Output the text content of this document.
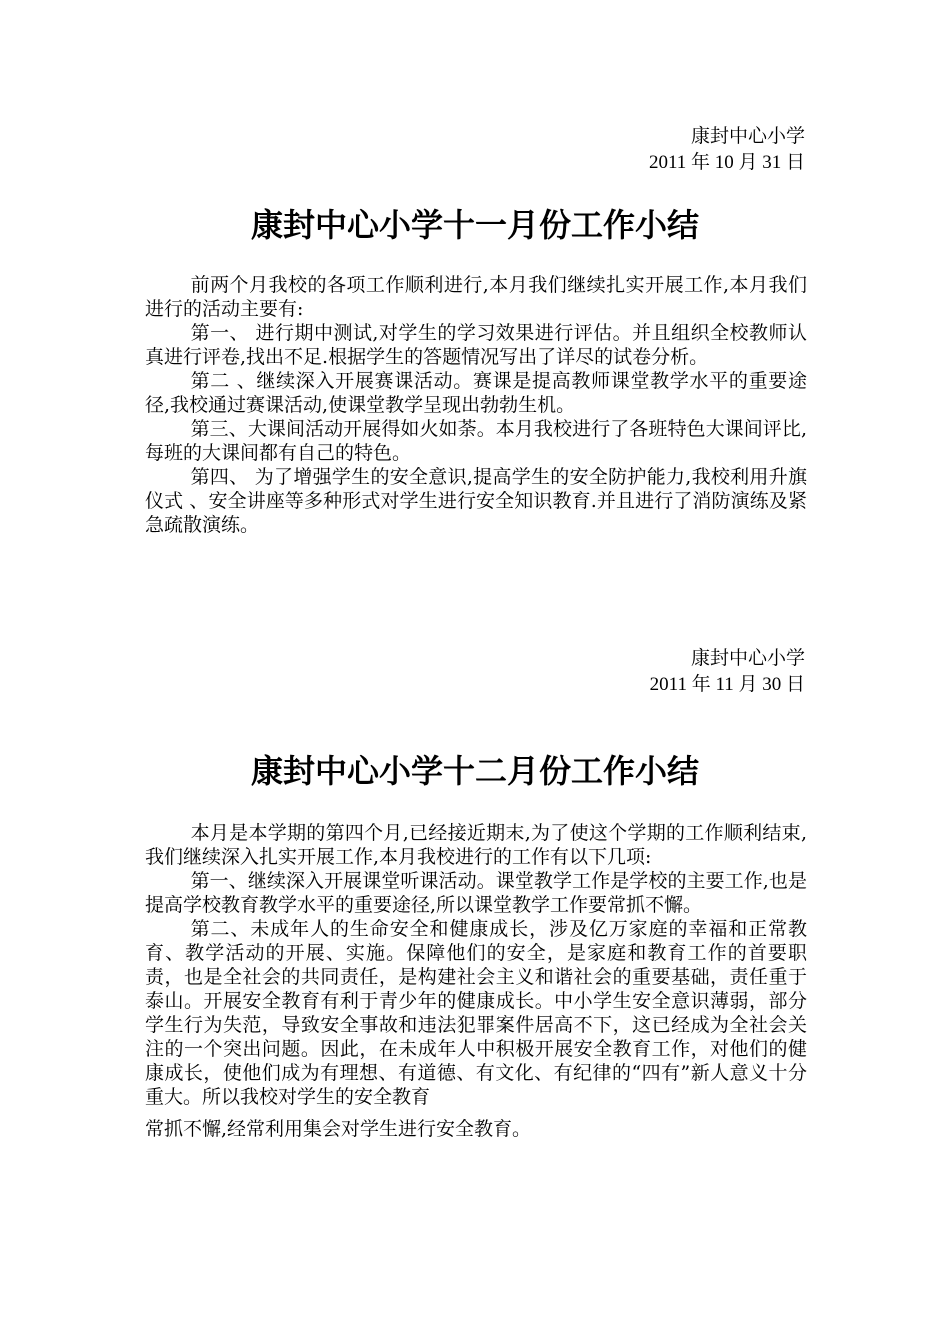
康封中心小学
2011 年 10 月 31 日
康封中心小学十一月份工作小结

前两个月我校的各项工作顺利进行,本月我们继续扎实开展工作,本月我们进行的活动主要有:

第一、 进行期中测试,对学生的学习效果进行评估。并且组织全校教师认真进行评卷,找出不足.根据学生的答题情况写出了详尽的试卷分析。

第二 、继续深入开展赛课活动。赛课是提高教师课堂教学水平的重要途径,我校通过赛课活动,使课堂教学呈现出勃勃生机。

第三、大课间活动开展得如火如荼。本月我校进行了各班特色大课间评比,每班的大课间都有自己的特色。

第四、 为了增强学生的安全意识,提高学生的安全防护能力,我校利用升旗仪式 、安全讲座等多种形式对学生进行安全知识教育.并且进行了消防演练及紧急疏散演练。

康封中心小学
2011 年 11 月 30 日
康封中心小学十二月份工作小结

本月是本学期的第四个月,已经接近期末,为了使这个学期的工作顺利结束,我们继续深入扎实开展工作,本月我校进行的工作有以下几项:

第一、继续深入开展课堂听课活动。课堂教学工作是学校的主要工作,也是提高学校教育教学水平的重要途径,所以课堂教学工作要常抓不懈。

第二、未成年人的生命安全和健康成长，涉及亿万家庭的幸福和正常教育、教学活动的开展、实施。保障他们的安全，是家庭和教育工作的首要职责，也是全社会的共同责任，是构建社会主义和谐社会的重要基础，责任重于泰山。开展安全教育有利于青少年的健康成长。中小学生安全意识薄弱，部分学生行为失范，导致安全事故和违法犯罪案件居高不下，这已经成为全社会关注的一个突出问题。因此，在未成年人中积极开展安全教育工作，对他们的健康成长，使他们成为有理想、有道德、有文化、有纪律的“四有”新人意义十分重大。所以我校对学生的安全教育

常抓不懈,经常利用集会对学生进行安全教育。
